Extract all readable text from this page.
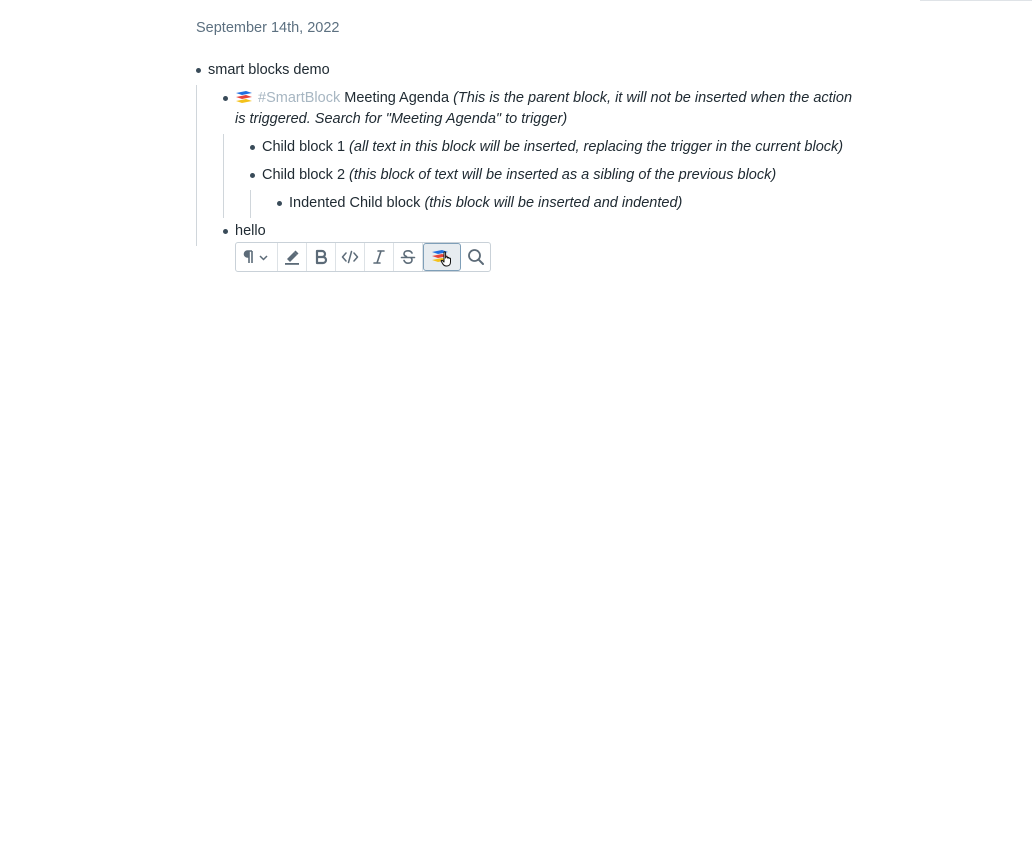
September 14th, 2022
smart blocks demo
#SmartBlock Meeting Agenda (This is the parent block, it will not be inserted when the action
is triggered. Search for "Meeting Agenda" to trigger)
Child block 1 (all text in this block will be inserted, replacing the trigger in the current block)
Child block 2 (this block of text will be inserted as a sibling of the previous block)
Indented Child block (this block will be inserted and indented)
hello
